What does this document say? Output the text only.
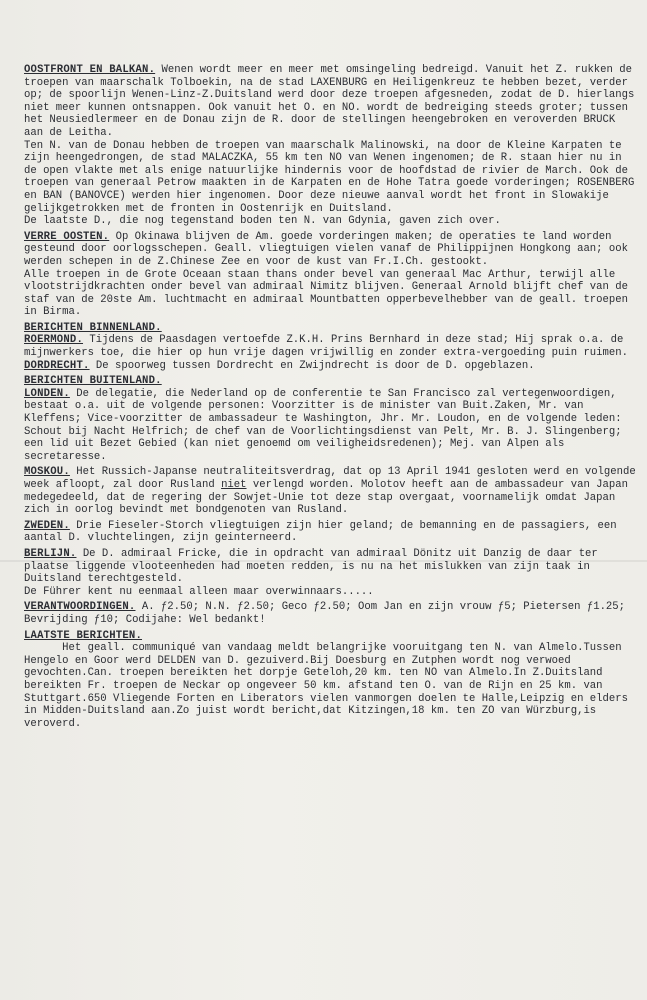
OOSTFRONT EN BALKAN. Wenen wordt meer en meer met omsingeling bedreigd. Vanuit het Z. rukken de troepen van maarschalk Tolboekin, na de stad LAXENBURG en Heiligenkreuz te hebben bezet, verder op; de spoorlijn Wenen-Linz-Z.Duitsland werd door deze troepen afgesneden, zodat de D. hierlangs niet meer kunnen ontsnappen. Ook vanuit het O. en NO. wordt de bedreiging steeds groter; tussen het Neusiedlermeer en de Donau zijn de R. door de stellingen heengebroken en veroverden BRUCK aan de Leitha.

Ten N. van de Donau hebben de troepen van maarschalk Malinowski, na door de Kleine Karpaten te zijn heengedrongen, de stad MALACZKA, 55 km ten NO van Wenen ingenomen; de R. staan hier nu in de open vlakte met als enige natuurlijke hindernis voor de hoofdstad de rivier de March. Ook de troepen van generaal Petrow maakten in de Karpaten en de Hohe Tatra goede vorderingen; ROSENBERG en BAN (BANOVCE) werden hier ingenomen. Door deze nieuwe aanval wordt het front in Slowakije gelijkgetrokken met de fronten in Oostenrijk en Duitsland.

De laatste D., die nog tegenstand boden ten N. van Gdynia, gaven zich over.

VERRE OOSTEN. Op Okinawa blijven de Am. goede vorderingen maken; de operaties te land worden gesteund door oorlogsschepen. Geall. vliegtuigen vielen vanaf de Philippijnen Hongkong aan; ook werden schepen in de Z.Chinese Zee en voor de kust van Fr.I.Ch. gestookt.

Alle troepen in de Grote Oceaan staan thans onder bevel van generaal Mac Arthur, terwijl alle vlootstrijdkrachten onder bevel van admiraal Nimitz blijven. Generaal Arnold blijft chef van de staf van de 20ste Am. luchtmacht en admiraal Mountbatten opperbevelhebber van de geall. troepen in Birma.

BERICHTEN BINNENLAND.

ROERMOND. Tijdens de Paasdagen vertoefde Z.K.H. Prins Bernhard in deze stad; Hij sprak o.a. de mijnwerkers toe, die hier op hun vrije dagen vrijwillig en zonder extra-vergoeding puin ruimen.

DORDRECHT. De spoorweg tussen Dordrecht en Zwijndrecht is door de D. opgeblazen.

BERICHTEN BUITENLAND.

LONDEN. De delegatie, die Nederland op de conferentie te San Francisco zal vertegenwoordigen, bestaat o.a. uit de volgende personen: Voorzitter is de minister van Buit.Zaken, Mr. van Kleffens; Vice-voorzitter de ambassadeur te Washington, Jhr. Mr. Loudon, en de volgende leden: Schout bij Nacht Helfrich; de chef van de Voorlichtingsdienst van Pelt, Mr. B. J. Slingenberg; een lid uit Bezet Gebied (kan niet genoemd om veiligheidsredenen); Mej. van Alpen als secretaresse.

MOSKOU. Het Russich-Japanse neutraliteitsverdrag, dat op 13 April 1941 gesloten werd en volgende week afloopt, zal door Rusland niet verlengd worden. Molotov heeft aan de ambassadeur van Japan medegedeeld, dat de regering der Sowjet-Unie tot deze stap overgaat, voornamelijk omdat Japan zich in oorlog bevindt met bondgenoten van Rusland.

ZWEDEN. Drie Fieseler-Storch vliegtuigen zijn hier geland; de bemanning en de passagiers, een aantal D. vluchtelingen, zijn geinterneerd.

BERLIJN. De D. admiraal Fricke, die in opdracht van admiraal Dönitz uit Danzig de daar ter plaatse liggende vlooteenheden had moeten redden, is nu na het mislukken van zijn taak in Duitsland terechtgesteld.

De Führer kent nu eenmaal alleen maar overwinnaars.....

VERANTWOORDINGEN. A. ƒ2.50; N.N. ƒ2.50; Geco ƒ2.50; Oom Jan en zijn vrouw ƒ5; Pietersen ƒ1.25; Bevrijding ƒ10; Codijahe: Wel bedankt!

LAATSTE BERICHTEN.

Het geall. communiqué van vandaag meldt belangrijke vooruitgang ten N. van Almelo.Tussen Hengelo en Goor werd DELDEN van D. gezuiverd.Bij Doesburg en Zutphen wordt nog verwoed gevochten.Can. troepen bereikten het dorpje Geteloh,20 km. ten NO van Almelo.In Z.Duitsland bereikten Fr. troepen de Neckar op ongeveer 50 km. afstand ten O. van de Rijn en 25 km. van Stuttgart.650 Vliegende Forten en Liberators vielen vanmorgen doelen te Halle,Leipzig en elders in Midden-Duitsland aan.Zo juist wordt bericht,dat Kitzingen,18 km. ten ZO van Würzburg,is veroverd.
